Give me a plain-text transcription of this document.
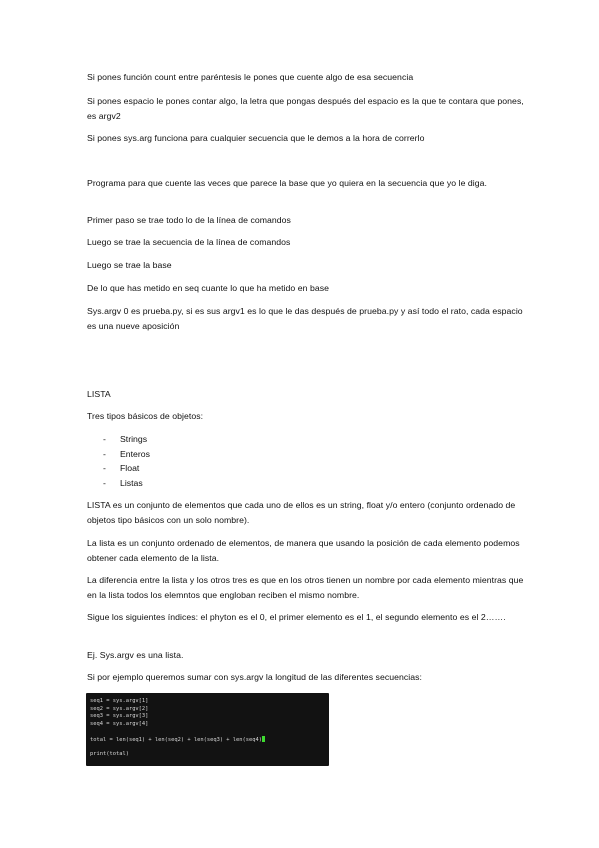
Si pones función count entre paréntesis le pones que cuente algo de esa secuencia

Si pones espacio le pones contar algo, la letra que pongas después del espacio es la que te contara que pones, es argv2

Si pones sys.arg funciona para cualquier secuencia que le demos a la hora de correrlo

Programa para que cuente las veces que parece la base que yo quiera en la secuencia que yo le diga.

Primer paso se trae todo lo de la línea de comandos

Luego se trae la secuencia de la línea de comandos

Luego se trae la base

De lo que has metido en seq cuante lo que ha metido en base

Sys.argv 0 es prueba.py, si es sus argv1 es lo que le das después de prueba.py y así todo el rato, cada espacio es una nueve aposición

LISTA

Tres tipos básicos de objetos:

- Strings
- Enteros
- Float
- Listas

LISTA es un conjunto de elementos que cada uno de ellos es un string, float y/o entero (conjunto ordenado de objetos tipo básicos con un solo nombre).

La lista es un conjunto ordenado de elementos, de manera que usando la posición de cada elemento podemos obtener cada elemento de la lista.

La diferencia entre la lista y los otros tres es que en los otros tienen un nombre por cada elemento mientras que en la lista todos los elemntos que engloban reciben el mismo nombre.

Sigue los siguientes índices: el phyton es el 0, el primer elemento es el 1, el segundo elemento es el 2…….

Ej. Sys.argv es una lista.

Si por ejemplo queremos sumar con sys.argv la longitud de las diferentes secuencias:

seq1 = sys.argv[1]
seq2 = sys.argv[2]
seq3 = sys.argv[3]
seq4 = sys.argv[4]
total = len(seq1) + len(seq2) + len(seq3) + len(seq4)
print(total)
